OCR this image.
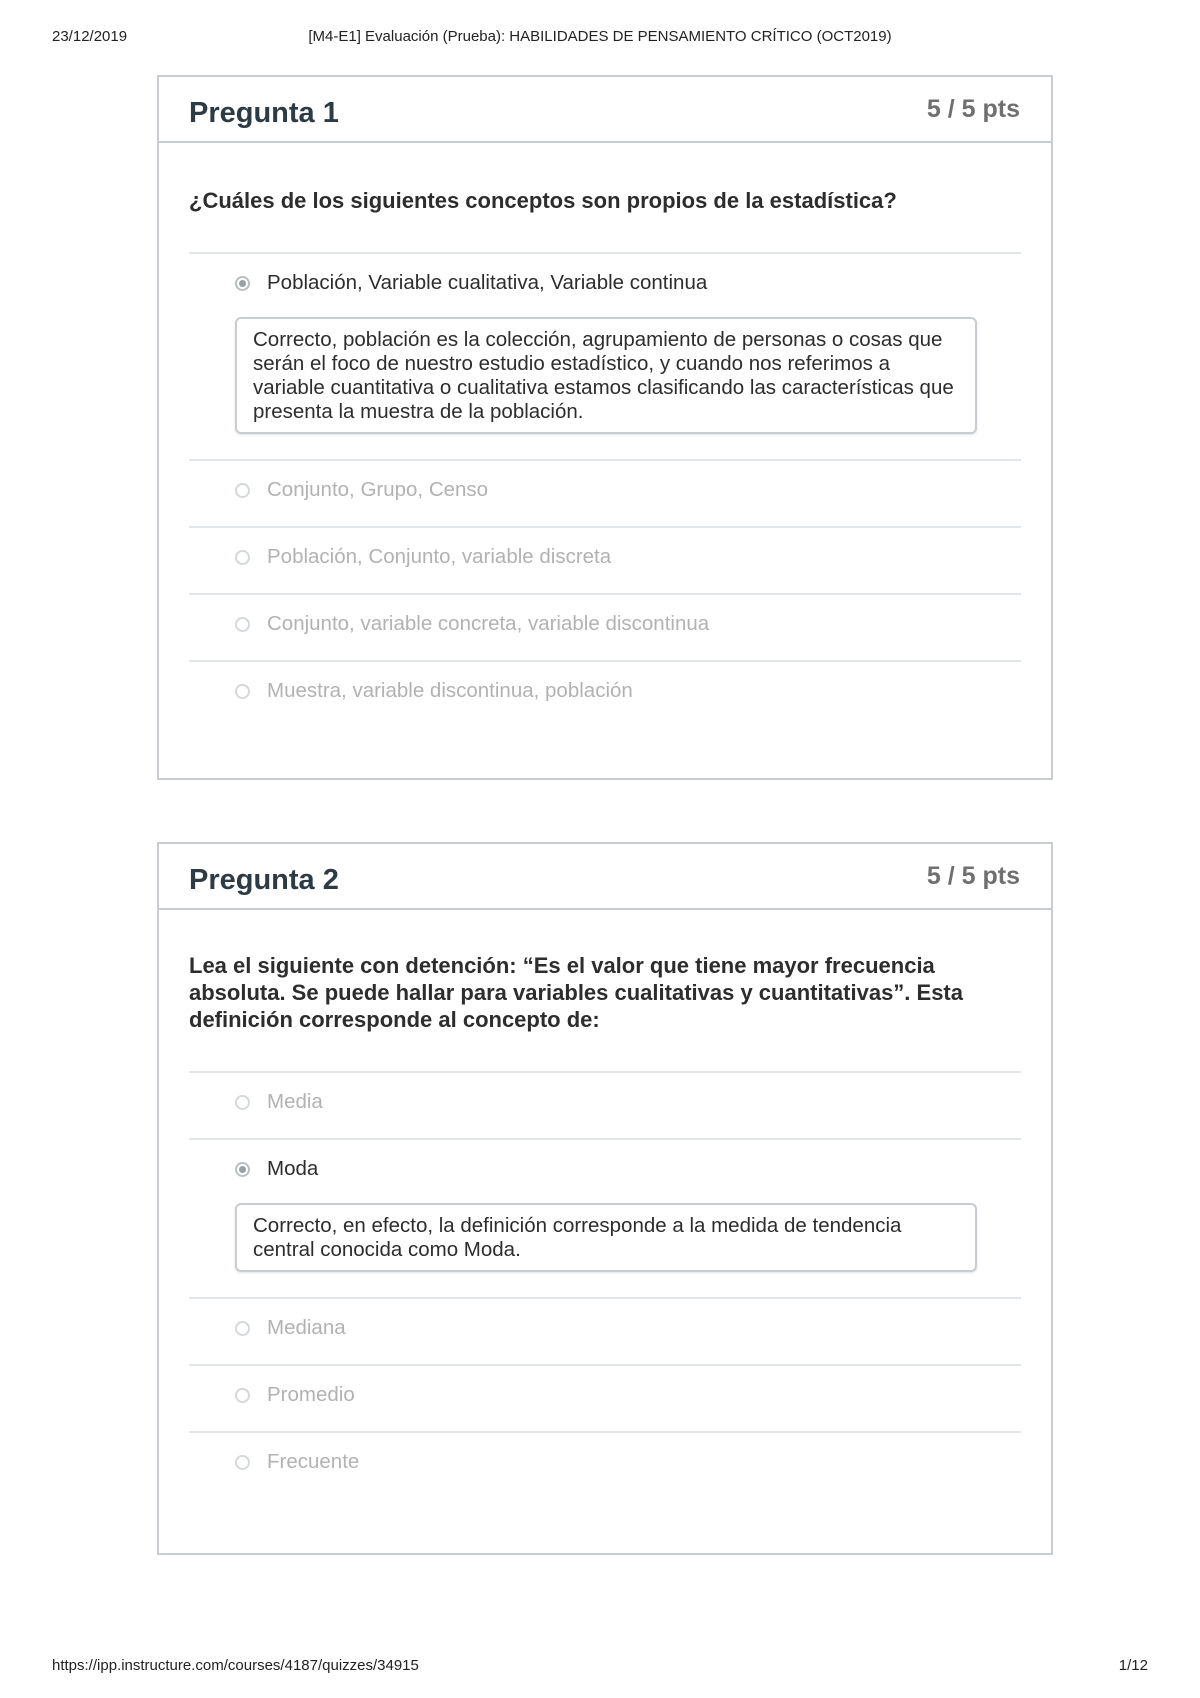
23/12/2019	[M4-E1] Evaluación (Prueba): HABILIDADES DE PENSAMIENTO CRÍTICO (OCT2019)
Pregunta 1	5 / 5 pts
¿Cuáles de los siguientes conceptos son propios de la estadística?
Población, Variable cualitativa, Variable continua
Correcto, población es la colección, agrupamiento de personas o cosas que serán el foco de nuestro estudio estadístico, y cuando nos referimos a variable cuantitativa o cualitativa estamos clasificando las características que presenta la muestra de la población.
Conjunto, Grupo, Censo
Población, Conjunto, variable discreta
Conjunto, variable concreta, variable discontinua
Muestra, variable discontinua, población
Pregunta 2	5 / 5 pts
Lea el siguiente con detención: “Es el valor que tiene mayor frecuencia absoluta. Se puede hallar para variables cualitativas y cuantitativas”. Esta definición corresponde al concepto de:
Media
Moda
Correcto, en efecto, la definición corresponde a la medida de tendencia central conocida como Moda.
Mediana
Promedio
Frecuente
https://ipp.instructure.com/courses/4187/quizzes/34915	1/12
